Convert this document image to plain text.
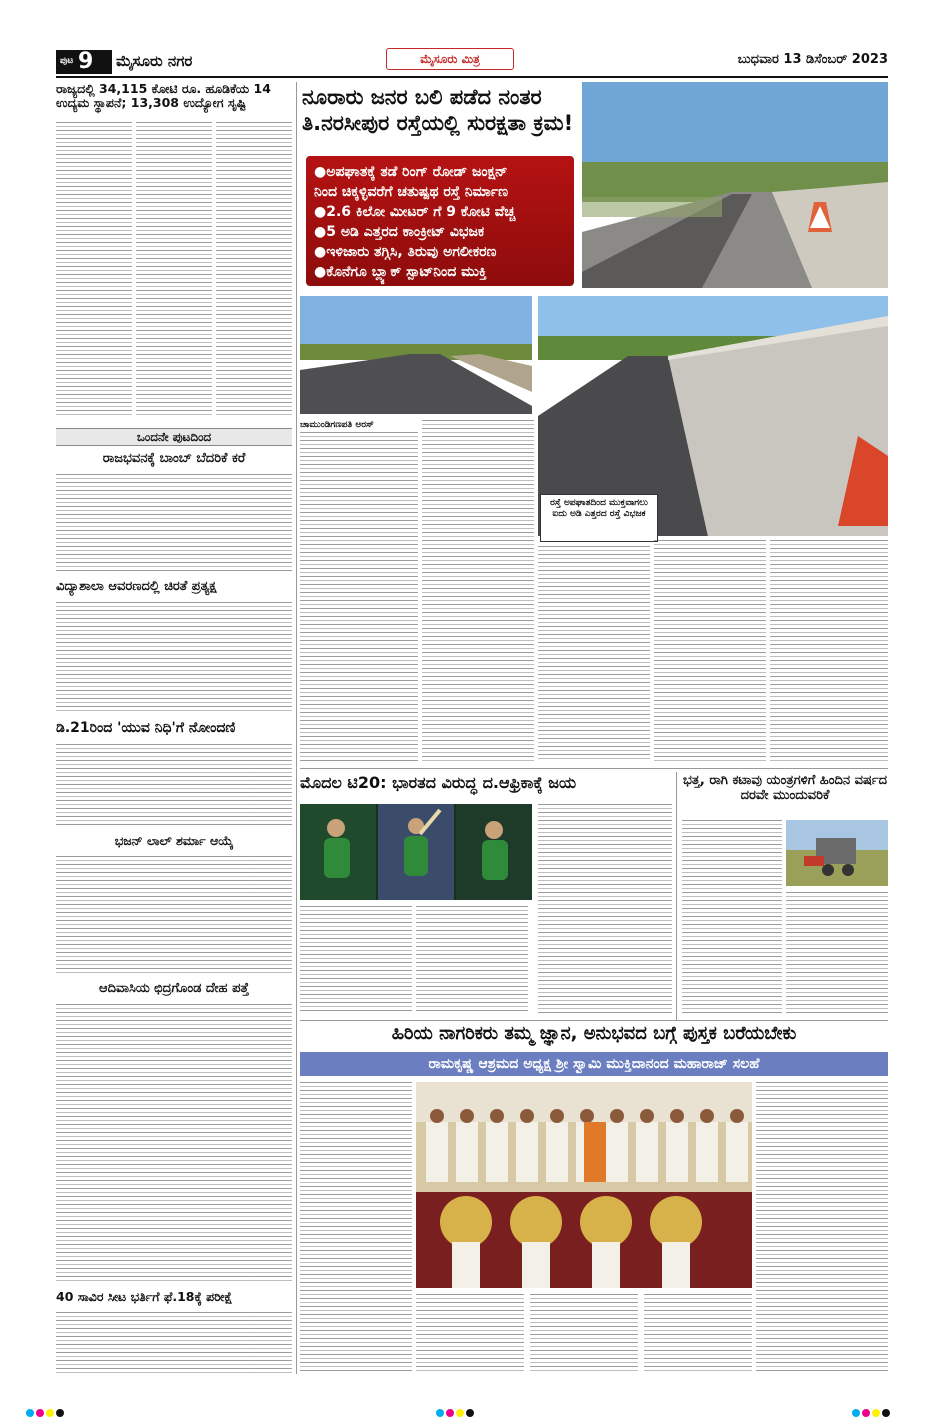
ಪುಟ 9 ಮೈಸೂರು ನಗರ	ಮೈಸೂರು ಮಿತ್ರ	ಬುಧವಾರ 13 ಡಿಸೆಂಬರ್ 2023
ರಾಜ್ಯದಲ್ಲಿ 34,115 ಕೋಟಿ ರೂ. ಹೂಡಿಕೆಯ 14 ಉದ್ಯಮ ಸ್ಥಾಪನೆ; 13,308 ಉದ್ಯೋಗ ಸೃಷ್ಟಿ
ಒಂದನೇ ಪುಟದಿಂದ
ರಾಜಭವನಕ್ಕೆ ಬಾಂಬ್ ಬೆದರಿಕೆ ಕರೆ
ವಿದ್ಯಾಶಾಲಾ ಆವರಣದಲ್ಲಿ ಚಿರತೆ ಪ್ರತ್ಯಕ್ಷ
ಡಿ.21ರಿಂದ 'ಯುವ ನಿಧಿ'ಗೆ ನೋಂದಣಿ
ಭಜನ್ ಲಾಲ್ ಶರ್ಮಾ ಆಯ್ಕೆ
ಆದಿವಾಸಿಯ ಛಿದ್ರಗೊಂಡ ದೇಹ ಪತ್ತೆ
40 ಸಾವಿರ ಸೀಟ ಭರ್ತಿಗೆ ಫೆ.18ಕ್ಕೆ ಪರೀಕ್ಷೆ
ನೂರಾರು ಜನರ ಬಲಿ ಪಡೆದ ನಂತರ
ತಿ.ನರಸೀಪುರ ರಸ್ತೆಯಲ್ಲಿ ಸುರಕ್ಷತಾ ಕ್ರಮ!
●ಅಪಘಾತಕ್ಕೆ ತಡೆ ರಿಂಗ್ ರೋಡ್ ಜಂಕ್ಷನ್
ನಿಂದ ಚಿಕ್ಕಳ್ಳಿವರೆಗೆ ಚತುಷ್ಪಥ ರಸ್ತೆ ನಿರ್ಮಾಣ
●2.6 ಕಿಲೋ ಮೀಟರ್ ಗೆ 9 ಕೋಟಿ ವೆಚ್ಚ
●5 ಅಡಿ ಎತ್ತರದ ಕಾಂಕ್ರೀಟ್ ವಿಭಜಕ
●ಇಳಿಜಾರು ತಗ್ಗಿಸಿ, ತಿರುವು ಅಗಲೀಕರಣ
●ಕೊನೆಗೂ ಬ್ಲ್ಯಾಕ್ ಸ್ಪಾಟ್‌ನಿಂದ ಮುಕ್ತಿ
ರಸ್ತೆ ಅಪಘಾತದಿಂದ ಮುಕ್ತವಾಗಲು ಐದು ಅಡಿ ಎತ್ತರದ ರಸ್ತೆ ವಿಭಜಕ
ಚಾಮುಂಡಿಗಣಪತಿ ಅರಸ್
ಮೊದಲ ಟಿ20: ಭಾರತದ ವಿರುದ್ಧ ದ.ಆಫ್ರಿಕಾಕ್ಕೆ ಜಯ	ಭತ್ತ, ರಾಗಿ ಕಟಾವು ಯಂತ್ರಗಳಿಗೆ ಹಿಂದಿನ ವರ್ಷದ ದರವೇ ಮುಂದುವರಿಕೆ
ಹಿರಿಯ ನಾಗರಿಕರು ತಮ್ಮ ಜ್ಞಾನ, ಅನುಭವದ ಬಗ್ಗೆ ಪುಸ್ತಕ ಬರೆಯಬೇಕು
ರಾಮಕೃಷ್ಣ ಆಶ್ರಮದ ಅಧ್ಯಕ್ಷ ಶ್ರೀ ಸ್ವಾಮಿ ಮುಕ್ತಿದಾನಂದ ಮಹಾರಾಜ್ ಸಲಹೆ
